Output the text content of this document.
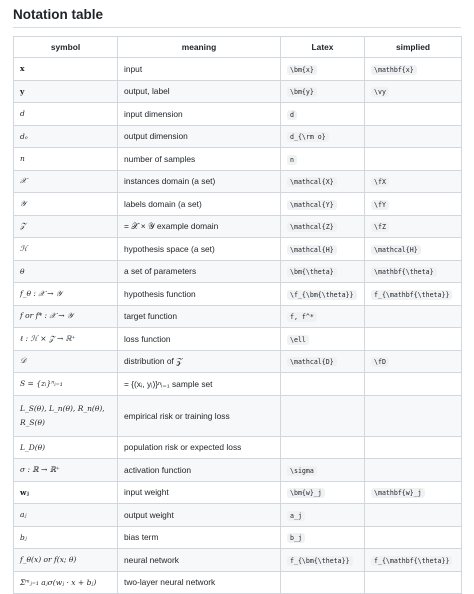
Notation table
symbol	meaning	Latex	simplied
x	input	\bm{x}	\mathbf{x}
y	output, label	\bm{y}	\vy
d	input dimension	d	
dₒ	output dimension	d_{\rm o}	
n	number of samples	n	
𝒳	instances domain (a set)	\mathcal{X}	\fX
𝒴	labels domain (a set)	\mathcal{Y}	\fY
𝒵	= 𝒳 × 𝒴 example domain	\mathcal{Z}	\fZ
ℋ	hypothesis space (a set)	\mathcal{H}	\mathcal{H}
θ	a set of parameters	\bm{\theta}	\mathbf{\theta}
f_θ : 𝒳 → 𝒴	hypothesis function	\f_{\bm{\theta}}	f_{\mathbf{\theta}}
f or f* : 𝒳 → 𝒴	target function	f, f^*	
ℓ : ℋ × 𝒵 → ℝ⁺	loss function	\ell	
𝒟	distribution of 𝒵	\mathcal{D}	\fD
S = {zᵢ}ⁿᵢ₌₁	= {(xᵢ, yᵢ)}ⁿᵢ₌₁ sample set		
L_S(θ), L_n(θ), R_n(θ), R_S(θ)	empirical risk or training loss		
L_D(θ)	population risk or expected loss		
σ : ℝ → ℝ⁺	activation function	\sigma	
wⱼ	input weight	\bm{w}_j	\mathbf{w}_j
aⱼ	output weight	a_j	
bⱼ	bias term	b_j	
f_θ(x) or f(x; θ)	neural network	f_{\bm{\theta}}	f_{\mathbf{\theta}}
Σᵐⱼ₌₁ aⱼσ(wⱼ · x + bⱼ)	two-layer neural network		
